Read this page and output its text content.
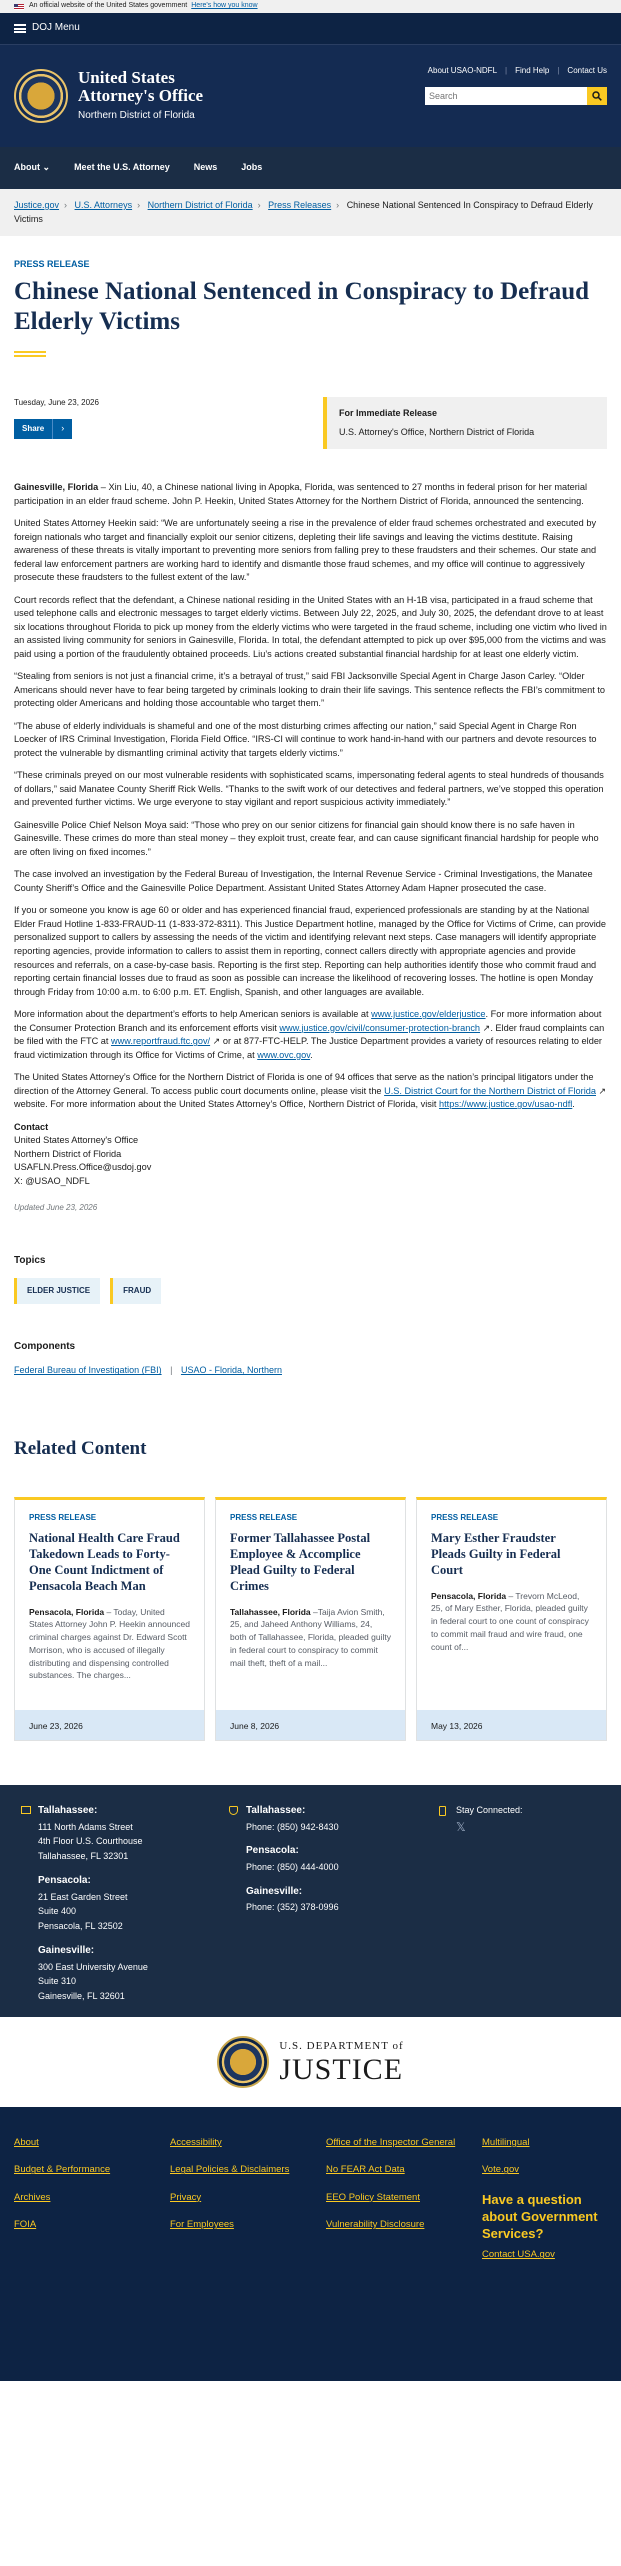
An official website of the United States government Here's how you know
DOJ Menu
United States
Attorney's Office
Northern District of Florida
About USAO-NDFL | Find Help | Contact Us
Search
About ⌄	Meet the U.S. Attorney	News	Jobs
Justice.gov › U.S. Attorneys › Northern District of Florida › Press Releases › Chinese National Sentenced In Conspiracy to Defraud Elderly Victims
PRESS RELEASE
Chinese National Sentenced in Conspiracy to Defraud Elderly Victims
Tuesday, June 23, 2026
Share	›
For Immediate Release
U.S. Attorney's Office, Northern District of Florida

Gainesville, Florida – Xin Liu, 40, a Chinese national living in Apopka, Florida, was sentenced to 27 months in federal prison for her material participation in an elder fraud scheme. John P. Heekin, United States Attorney for the Northern District of Florida, announced the sentencing.

United States Attorney Heekin said: “We are unfortunately seeing a rise in the prevalence of elder fraud schemes orchestrated and executed by foreign nationals who target and financially exploit our senior citizens, depleting their life savings and leaving the victims destitute. Raising awareness of these threats is vitally important to preventing more seniors from falling prey to these fraudsters and their schemes. Our state and federal law enforcement partners are working hard to identify and dismantle those fraud schemes, and my office will continue to aggressively prosecute these fraudsters to the fullest extent of the law.”

Court records reflect that the defendant, a Chinese national residing in the United States with an H-1B visa, participated in a fraud scheme that used telephone calls and electronic messages to target elderly victims. Between July 22, 2025, and July 30, 2025, the defendant drove to at least six locations throughout Florida to pick up money from the elderly victims who were targeted in the fraud scheme, including one victim who lived in an assisted living community for seniors in Gainesville, Florida. In total, the defendant attempted to pick up over $95,000 from the victims and was paid using a portion of the fraudulently obtained proceeds. Liu’s actions created substantial financial hardship for at least one elderly victim.

“Stealing from seniors is not just a financial crime, it’s a betrayal of trust,” said FBI Jacksonville Special Agent in Charge Jason Carley. “Older Americans should never have to fear being targeted by criminals looking to drain their life savings. This sentence reflects the FBI’s commitment to protecting older Americans and holding those accountable who target them.”

“The abuse of elderly individuals is shameful and one of the most disturbing crimes affecting our nation,” said Special Agent in Charge Ron Loecker of IRS Criminal Investigation, Florida Field Office. “IRS-CI will continue to work hand-in-hand with our partners and devote resources to protect the vulnerable by dismantling criminal activity that targets elderly victims.”

“These criminals preyed on our most vulnerable residents with sophisticated scams, impersonating federal agents to steal hundreds of thousands of dollars,” said Manatee County Sheriff Rick Wells. “Thanks to the swift work of our detectives and federal partners, we’ve stopped this operation and prevented further victims. We urge everyone to stay vigilant and report suspicious activity immediately.”

Gainesville Police Chief Nelson Moya said: “Those who prey on our senior citizens for financial gain should know there is no safe haven in Gainesville. These crimes do more than steal money – they exploit trust, create fear, and can cause significant financial hardship for people who are often living on fixed incomes.”

The case involved an investigation by the Federal Bureau of Investigation, the Internal Revenue Service - Criminal Investigations, the Manatee County Sheriff’s Office and the Gainesville Police Department. Assistant United States Attorney Adam Hapner prosecuted the case.

If you or someone you know is age 60 or older and has experienced financial fraud, experienced professionals are standing by at the National Elder Fraud Hotline 1-833-FRAUD-11 (1-833-372-8311). This Justice Department hotline, managed by the Office for Victims of Crime, can provide personalized support to callers by assessing the needs of the victim and identifying relevant next steps. Case managers will identify appropriate reporting agencies, provide information to callers to assist them in reporting, connect callers directly with appropriate agencies and provide resources and referrals, on a case-by-case basis. Reporting is the first step. Reporting can help authorities identify those who commit fraud and reporting certain financial losses due to fraud as soon as possible can increase the likelihood of recovering losses. The hotline is open Monday through Friday from 10:00 a.m. to 6:00 p.m. ET. English, Spanish, and other languages are available.

More information about the department’s efforts to help American seniors is available at www.justice.gov/elderjustice. For more information about the Consumer Protection Branch and its enforcement efforts visit www.justice.gov/civil/consumer-protection-branch ↗. Elder fraud complaints can be filed with the FTC at www.reportfraud.ftc.gov/ ↗ or at 877-FTC-HELP. The Justice Department provides a variety of resources relating to elder fraud victimization through its Office for Victims of Crime, at www.ovc.gov.

The United States Attorney’s Office for the Northern District of Florida is one of 94 offices that serve as the nation’s principal litigators under the direction of the Attorney General. To access public court documents online, please visit the U.S. District Court for the Northern District of Florida ↗ website. For more information about the United States Attorney’s Office, Northern District of Florida, visit https://www.justice.gov/usao-ndfl.

Contact
United States Attorney's Office
Northern District of Florida
USAFLN.Press.Office@usdoj.gov
X: @USAO_NDFL

Updated June 23, 2026
Topics
ELDER JUSTICE	FRAUD
Components
Federal Bureau of Investigation (FBI) | USAO - Florida, Northern
Related Content
PRESS RELEASE
National Health Care Fraud Takedown Leads to Forty-One Count Indictment of Pensacola Beach Man
Pensacola, Florida – Today, United States Attorney John P. Heekin announced criminal charges against Dr. Edward Scott Morrison, who is accused of illegally distributing and dispensing controlled substances. The charges...
June 23, 2026
PRESS RELEASE
Former Tallahassee Postal Employee & Accomplice Plead Guilty to Federal Crimes
Tallahassee, Florida –Taija Avion Smith, 25, and Jaheed Anthony Williams, 24, both of Tallahassee, Florida, pleaded guilty in federal court to conspiracy to commit mail theft, theft of a mail...
June 8, 2026
PRESS RELEASE
Mary Esther Fraudster Pleads Guilty in Federal Court
Pensacola, Florida – Trevorn McLeod, 25, of Mary Esther, Florida, pleaded guilty in federal court to one count of conspiracy to commit mail fraud and wire fraud, one count of...
May 13, 2026
Tallahassee:
111 North Adams Street
4th Floor U.S. Courthouse
Tallahassee, FL 32301
Pensacola:
21 East Garden Street
Suite 400
Pensacola, FL 32502
Gainesville:
300 East University Avenue
Suite 310
Gainesville, FL 32601
Tallahassee:
Phone: (850) 942-8430
Pensacola:
Phone: (850) 444-4000
Gainesville:
Phone: (352) 378-0996
Stay Connected:
𝕏
U.S. DEPARTMENT of
JUSTICE
About
Budget & Performance
Archives
FOIA
Accessibility
Legal Policies & Disclaimers
Privacy
For Employees
Office of the Inspector General
No FEAR Act Data
EEO Policy Statement
Vulnerability Disclosure
Multilingual
Vote.gov
Have a question about Government Services?
Contact USA.gov
